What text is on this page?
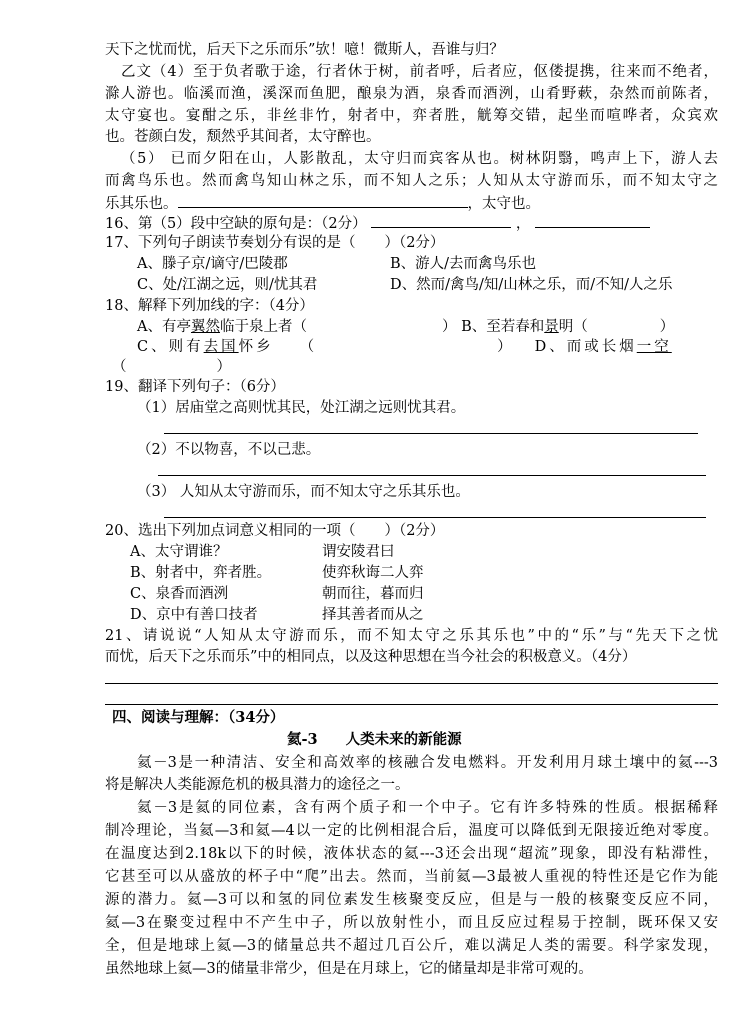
天下之忧而忧，后天下之乐而乐”欤！噫！微斯人，吾谁与归？
乙文（4）至于负者歌于途，行者休于树，前者呼，后者应，伛偻提携，往来而不绝者，
滁人游也。临溪而渔，溪深而鱼肥，酿泉为酒，泉香而酒洌，山肴野蔌，杂然而前陈者，
太守宴也。宴酣之乐，非丝非竹，射者中，弈者胜，觥筹交错，起坐而喧哗者，众宾欢
也。苍颜白发，颓然乎其间者，太守醉也。
（5） 已而夕阳在山，人影散乱，太守归而宾客从也。树林阴翳，鸣声上下，游人去
而禽鸟乐也。然而禽鸟知山林之乐，而不知人之乐；人知从太守游而乐，而不知太守之
乐其乐也。	，太守也。
16、第（5）段中空缺的原句是：（2分）	，
17、下列句子朗读节奏划分有误的是（　　）（2分）
A、滕子京/谪守/巴陵郡	B、游人/去而禽鸟乐也
C、处/江湖之远，则/忧其君	D、然而/禽鸟/知/山林之乐，而/不知/人之乐
18、解释下列加线的字：（4分）
A、有亭翼然临于泉上者（	） B、至若春和景明（	）
C、则有去国怀乡 （	） D、而或长烟一空
（	）
19、翻译下列句子：（6分）
（1）居庙堂之高则忧其民，处江湖之远则忧其君。
（2）不以物喜，不以己悲。
（3） 人知从太守游而乐，而不知太守之乐其乐也。
20、选出下列加点词意义相同的一项（　　）（2分）
A、太守谓谁？	谓安陵君曰
B、射者中，弈者胜。	使弈秋诲二人弈
C、泉香而酒洌	朝而往，暮而归
D、京中有善口技者	择其善者而从之
21、请说说“人知从太守游而乐，而不知太守之乐其乐也”中的“乐”与“先天下之忧
而忧，后天下之乐而乐”中的相同点，以及这种思想在当今社会的积极意义。（4分）
四、阅读与理解：（34分）
氦-3 人类未来的新能源
氦－3是一种清洁、安全和高效率的核融合发电燃料。开发利用月球土壤中的氦---3
将是解决人类能源危机的极具潜力的途径之一。
氦－3是氦的同位素，含有两个质子和一个中子。它有许多特殊的性质。根据稀释
制冷理论，当氦—3和氦—4以一定的比例相混合后，温度可以降低到无限接近绝对零度。
在温度达到2.18k以下的时候，液体状态的氦---3还会出现“超流”现象，即没有粘滞性，
它甚至可以从盛放的杯子中“爬”出去。然而，当前氦—3最被人重视的特性还是它作为能
源的潜力。氦—3可以和氢的同位素发生核聚变反应，但是与一般的核聚变反应不同，
氦—3在聚变过程中不产生中子，所以放射性小，而且反应过程易于控制，既环保又安
全，但是地球上氦—3的储量总共不超过几百公斤，难以满足人类的需要。科学家发现，
虽然地球上氦—3的储量非常少，但是在月球上，它的储量却是非常可观的。
